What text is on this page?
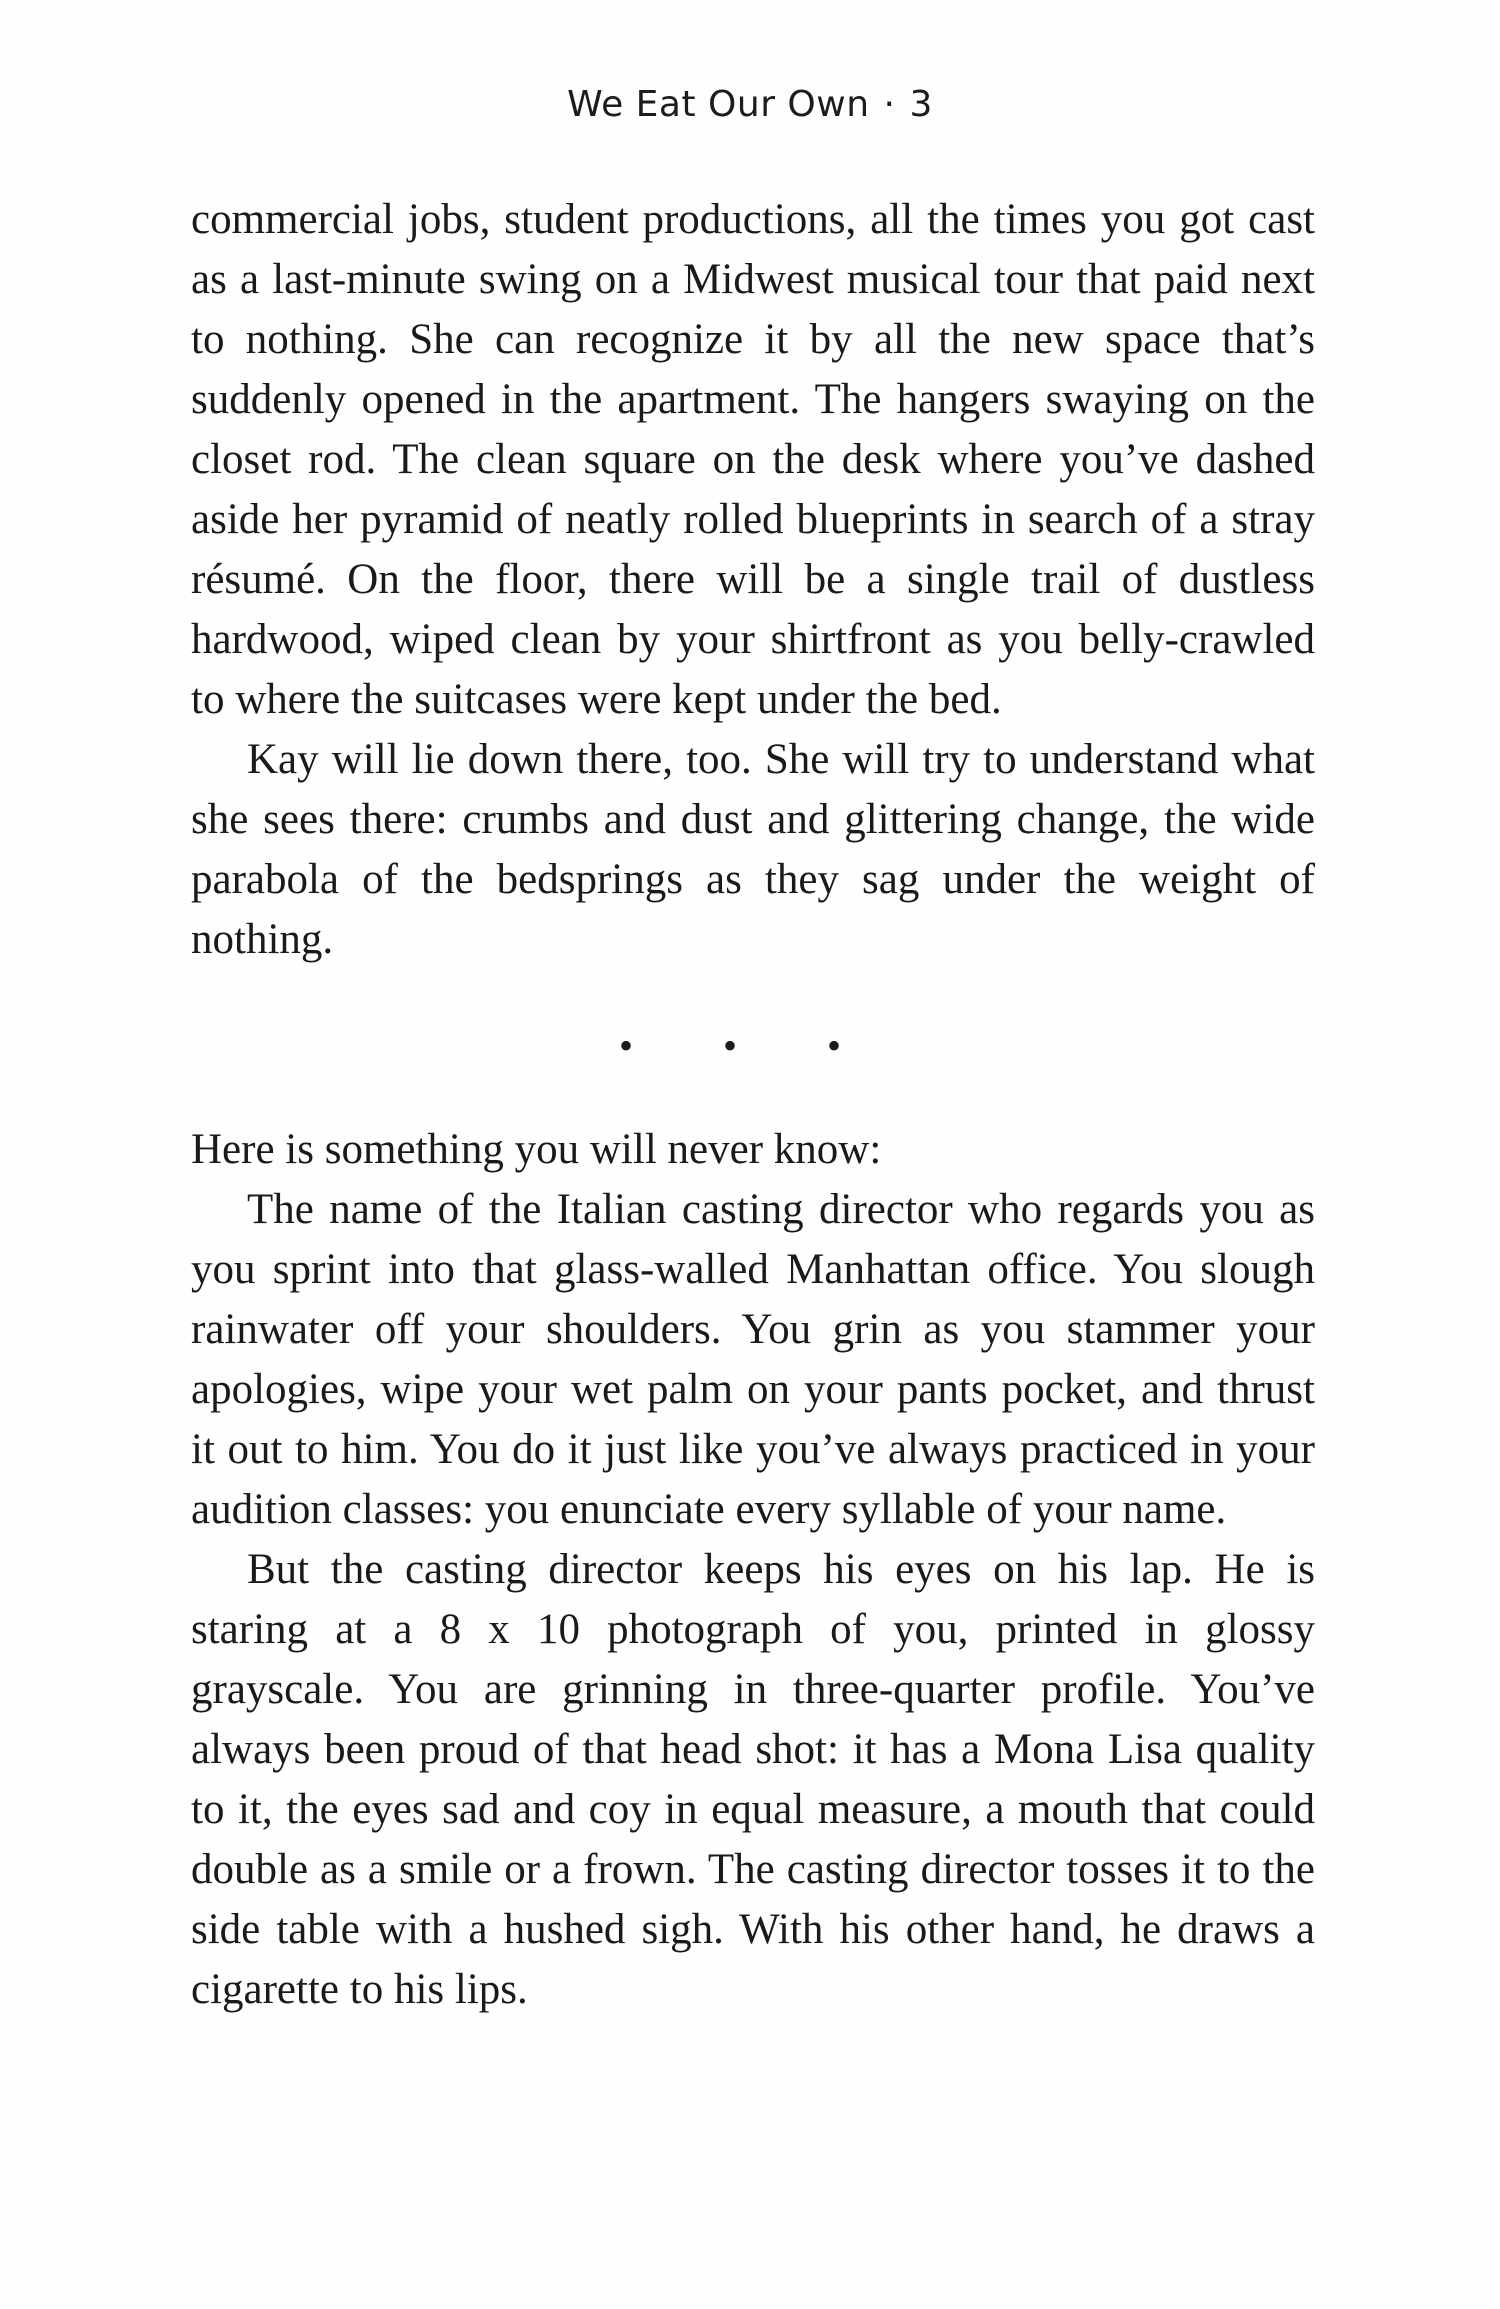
We Eat Our Own · 3

commercial jobs, student productions, all the times you got cast as a last-minute swing on a Midwest musical tour that paid next to nothing. She can recognize it by all the new space that’s suddenly opened in the apartment. The hangers swaying on the closet rod. The clean square on the desk where you’ve dashed aside her pyramid of neatly rolled blueprints in search of a stray résumé. On the floor, there will be a single trail of dustless hardwood, wiped clean by your shirtfront as you belly-crawled to where the suitcases were kept under the bed.

Kay will lie down there, too. She will try to understand what she sees there: crumbs and dust and glittering change, the wide parabola of the bedsprings as they sag under the weight of nothing.

• • •

Here is something you will never know:

The name of the Italian casting director who regards you as you sprint into that glass-walled Manhattan office. You slough rainwater off your shoulders. You grin as you stammer your apologies, wipe your wet palm on your pants pocket, and thrust it out to him. You do it just like you’ve always practiced in your audition classes: you enunciate every syllable of your name.

But the casting director keeps his eyes on his lap. He is staring at a 8 x 10 photograph of you, printed in glossy grayscale. You are grinning in three-quarter profile. You’ve always been proud of that head shot: it has a Mona Lisa quality to it, the eyes sad and coy in equal measure, a mouth that could double as a smile or a frown. The casting director tosses it to the side table with a hushed sigh. With his other hand, he draws a cigarette to his lips.
